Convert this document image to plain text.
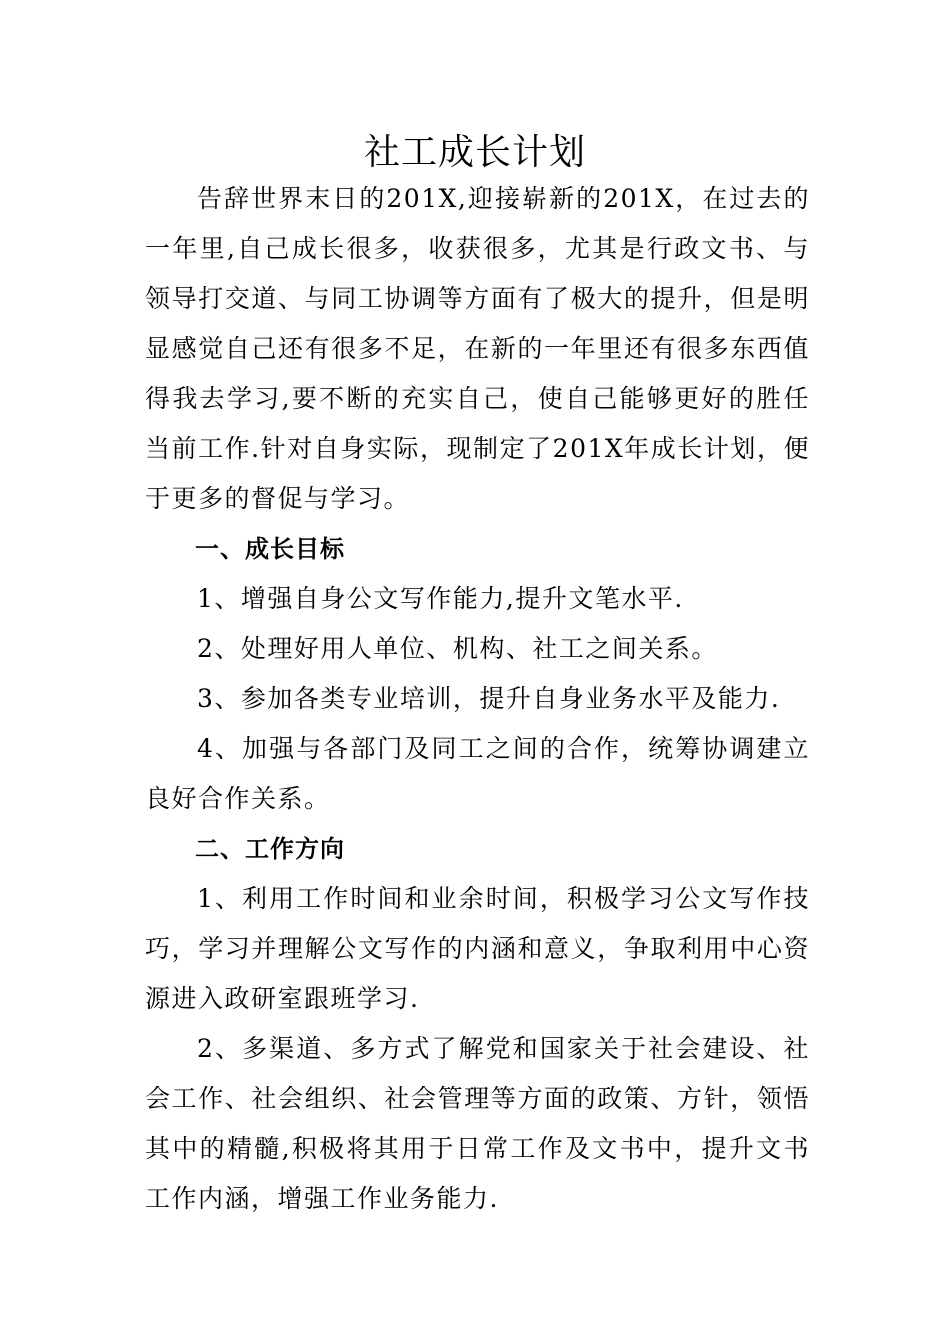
社工成长计划

告辞世界末日的201X,迎接崭新的201X，在过去的一年里,自己成长很多，收获很多，尤其是行政文书、与领导打交道、与同工协调等方面有了极大的提升，但是明显感觉自己还有很多不足，在新的一年里还有很多东西值得我去学习,要不断的充实自己，使自己能够更好的胜任当前工作.针对自身实际，现制定了201X年成长计划，便于更多的督促与学习。

一、成长目标

1、增强自身公文写作能力,提升文笔水平.

2、处理好用人单位、机构、社工之间关系。

3、参加各类专业培训，提升自身业务水平及能力.

4、加强与各部门及同工之间的合作，统筹协调建立良好合作关系。

二、工作方向

1、利用工作时间和业余时间，积极学习公文写作技巧，学习并理解公文写作的内涵和意义，争取利用中心资源进入政研室跟班学习.

2、多渠道、多方式了解党和国家关于社会建设、社会工作、社会组织、社会管理等方面的政策、方针，领悟其中的精髓,积极将其用于日常工作及文书中，提升文书工作内涵，增强工作业务能力.
